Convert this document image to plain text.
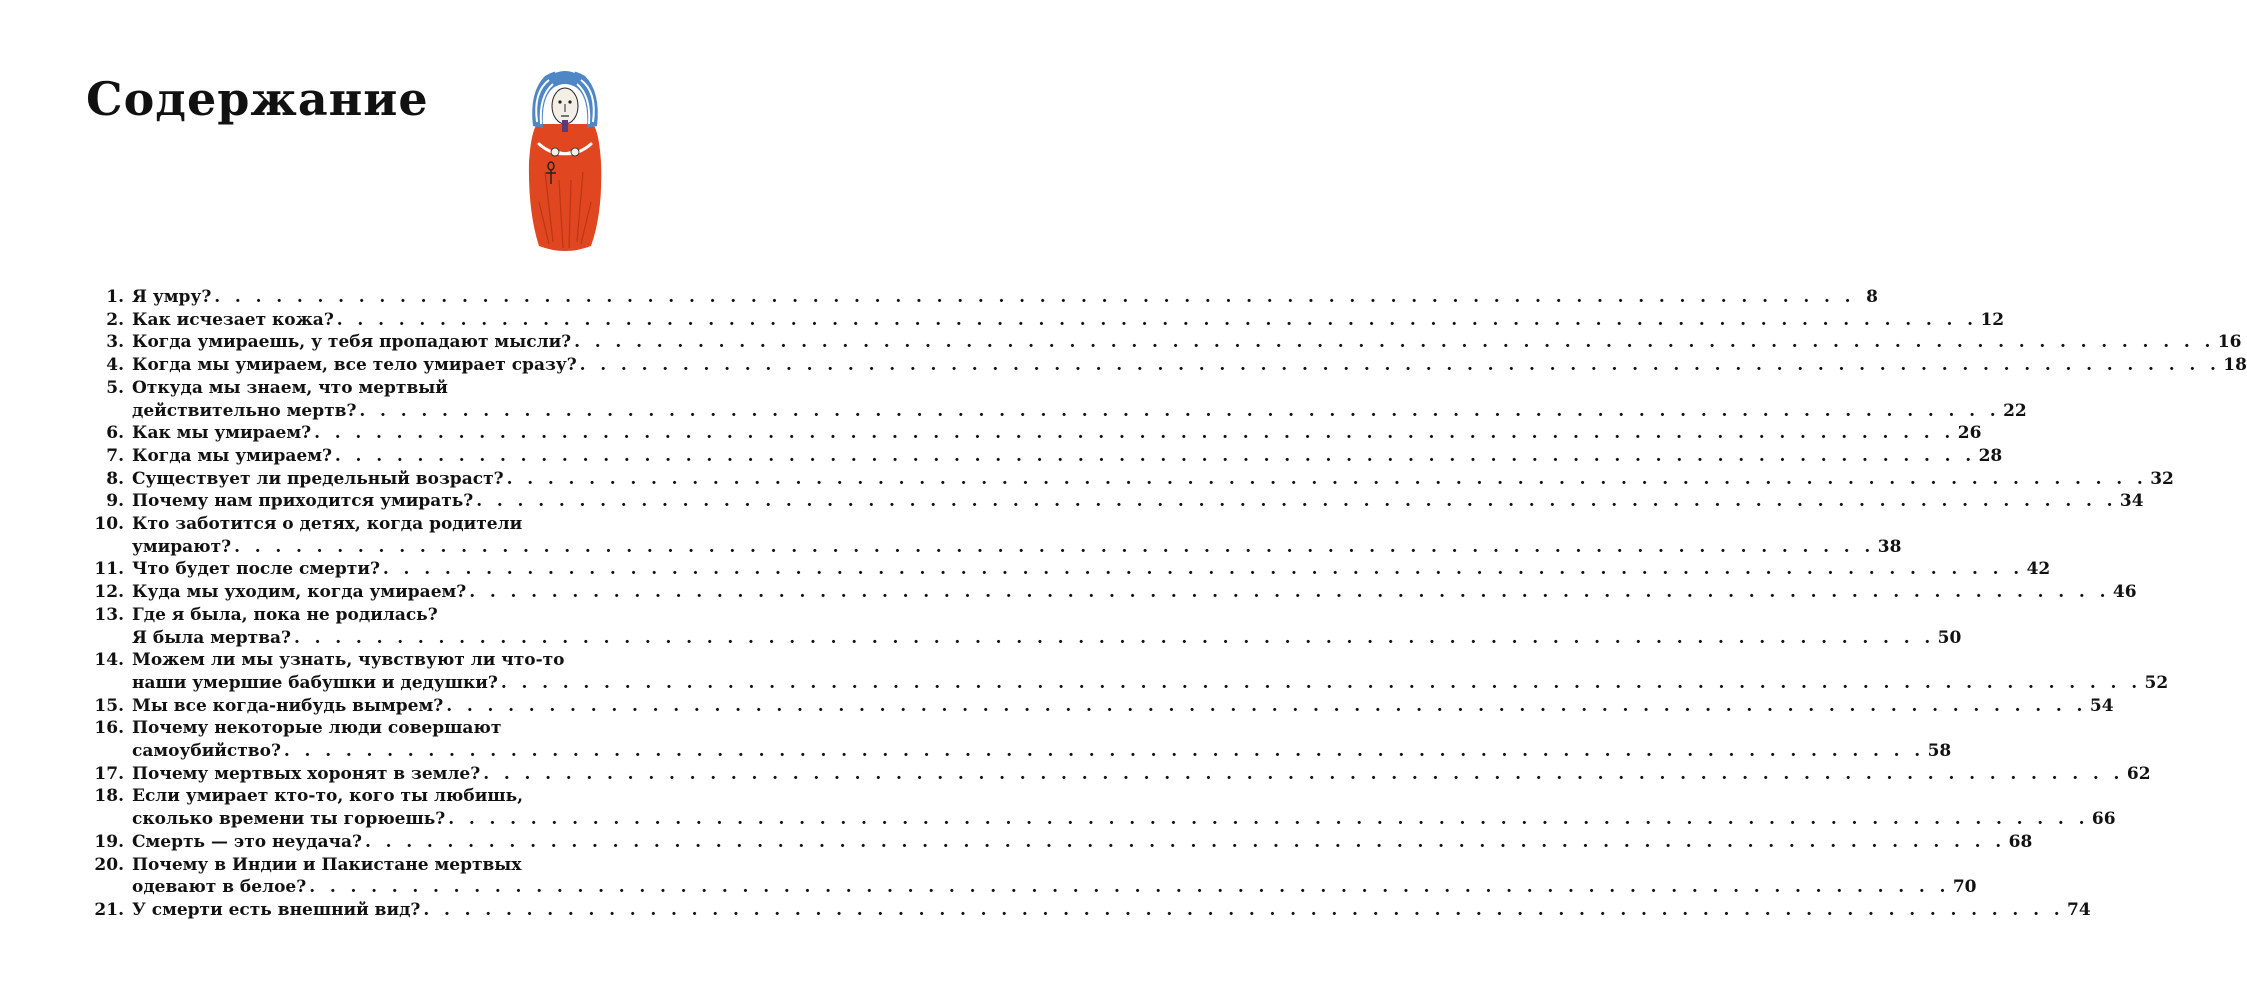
Содержание
1. Я умру? . . . . . . . . . . . . . . . . . . . . . . . . . . . . . . . . . . . . . . . . . . . . . . . . . . . . . . . . . . . . . . . . . . . . . . . . . . . . . . . . 8
2. Как исчезает кожа? . . . . . . . . . . . . . . . . . . . . . . . . . . . . . . . . . . . . . . . . . . . . . . . . . . . . . . . . . . . . . . . . . . . . . . . . . . . . . . . . 12
3. Когда умираешь, у тебя пропадают мысли? . . . . . . . . . . . . . . . . . . . . . . . . . . . . . . . . . . . . . . . . . . . . . . . . . . . . . . . . . . . . . . . . . . . . . . . . . . . . . . . . 16
4. Когда мы умираем, все тело умирает сразу? . . . . . . . . . . . . . . . . . . . . . . . . . . . . . . . . . . . . . . . . . . . . . . . . . . . . . . . . . . . . . . . . . . . . . . . . . . . . . . . . 18
5. Откуда мы знаем, что мертвый
действительно мертв? . . . . . . . . . . . . . . . . . . . . . . . . . . . . . . . . . . . . . . . . . . . . . . . . . . . . . . . . . . . . . . . . . . . . . . . . . . . . . . . . 22
6. Как мы умираем? . . . . . . . . . . . . . . . . . . . . . . . . . . . . . . . . . . . . . . . . . . . . . . . . . . . . . . . . . . . . . . . . . . . . . . . . . . . . . . . . 26
7. Когда мы умираем? . . . . . . . . . . . . . . . . . . . . . . . . . . . . . . . . . . . . . . . . . . . . . . . . . . . . . . . . . . . . . . . . . . . . . . . . . . . . . . . . 28
8. Существует ли предельный возраст? . . . . . . . . . . . . . . . . . . . . . . . . . . . . . . . . . . . . . . . . . . . . . . . . . . . . . . . . . . . . . . . . . . . . . . . . . . . . . . . . 32
9. Почему нам приходится умирать? . . . . . . . . . . . . . . . . . . . . . . . . . . . . . . . . . . . . . . . . . . . . . . . . . . . . . . . . . . . . . . . . . . . . . . . . . . . . . . . . 34
10. Кто заботится о детях, когда родители
умирают? . . . . . . . . . . . . . . . . . . . . . . . . . . . . . . . . . . . . . . . . . . . . . . . . . . . . . . . . . . . . . . . . . . . . . . . . . . . . . . . . 38
11. Что будет после смерти? . . . . . . . . . . . . . . . . . . . . . . . . . . . . . . . . . . . . . . . . . . . . . . . . . . . . . . . . . . . . . . . . . . . . . . . . . . . . . . . . 42
12. Куда мы уходим, когда умираем? . . . . . . . . . . . . . . . . . . . . . . . . . . . . . . . . . . . . . . . . . . . . . . . . . . . . . . . . . . . . . . . . . . . . . . . . . . . . . . . . 46
13. Где я была, пока не родилась?
Я была мертва? . . . . . . . . . . . . . . . . . . . . . . . . . . . . . . . . . . . . . . . . . . . . . . . . . . . . . . . . . . . . . . . . . . . . . . . . . . . . . . . . 50
14. Можем ли мы узнать, чувствуют ли что-то
наши умершие бабушки и дедушки? . . . . . . . . . . . . . . . . . . . . . . . . . . . . . . . . . . . . . . . . . . . . . . . . . . . . . . . . . . . . . . . . . . . . . . . . . . . . . . . . 52
15. Мы все когда-нибудь вымрем? . . . . . . . . . . . . . . . . . . . . . . . . . . . . . . . . . . . . . . . . . . . . . . . . . . . . . . . . . . . . . . . . . . . . . . . . . . . . . . . . 54
16. Почему некоторые люди совершают
самоубийство? . . . . . . . . . . . . . . . . . . . . . . . . . . . . . . . . . . . . . . . . . . . . . . . . . . . . . . . . . . . . . . . . . . . . . . . . . . . . . . . . 58
17. Почему мертвых хоронят в земле? . . . . . . . . . . . . . . . . . . . . . . . . . . . . . . . . . . . . . . . . . . . . . . . . . . . . . . . . . . . . . . . . . . . . . . . . . . . . . . . . 62
18. Если умирает кто-то, кого ты любишь,
сколько времени ты горюешь? . . . . . . . . . . . . . . . . . . . . . . . . . . . . . . . . . . . . . . . . . . . . . . . . . . . . . . . . . . . . . . . . . . . . . . . . . . . . . . . . 66
19. Смерть — это неудача? . . . . . . . . . . . . . . . . . . . . . . . . . . . . . . . . . . . . . . . . . . . . . . . . . . . . . . . . . . . . . . . . . . . . . . . . . . . . . . . . 68
20. Почему в Индии и Пакистане мертвых
одевают в белое? . . . . . . . . . . . . . . . . . . . . . . . . . . . . . . . . . . . . . . . . . . . . . . . . . . . . . . . . . . . . . . . . . . . . . . . . . . . . . . . . 70
21. У смерти есть внешний вид? . . . . . . . . . . . . . . . . . . . . . . . . . . . . . . . . . . . . . . . . . . . . . . . . . . . . . . . . . . . . . . . . . . . . . . . . . . . . . . . . 74
